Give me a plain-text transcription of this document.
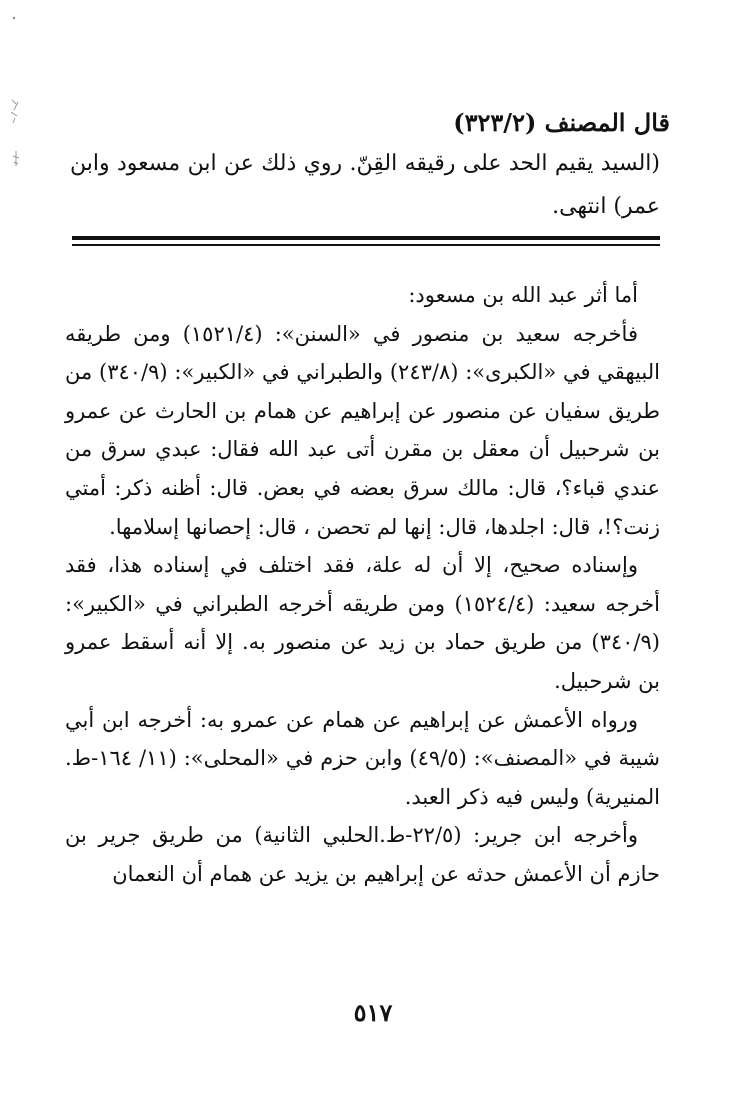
قال المصنف (٣٢٣/٢)
(السيد يقيم الحد على رقيقه القِنّ. روي ذلك عن ابن مسعود وابن عمر) انتهى.

أما أثر عبد الله بن مسعود:

فأخرجه سعيد بن منصور في «السنن»: (١٥٢١/٤) ومن طريقه البيهقي في «الكبرى»: (٢٤٣/٨) والطبراني في «الكبير»: (٣٤٠/٩) من طريق سفيان عن منصور عن إبراهيم عن همام بن الحارث عن عمرو بن شرحبيل أن معقل بن مقرن أتى عبد الله فقال: عبدي سرق من عندي قباء؟، قال: مالك سرق بعضه في بعض. قال: أظنه ذكر: أمتي زنت؟!، قال: اجلدها، قال: إنها لم تحصن ، قال: إحصانها إسلامها.

وإسناده صحيح، إلا أن له علة، فقد اختلف في إسناده هذا، فقد أخرجه سعيد: (١٥٢٤/٤) ومن طريقه أخرجه الطبراني في «الكبير»: (٣٤٠/٩) من طريق حماد بن زيد عن منصور به. إلا أنه أسقط عمرو بن شرحبيل.

ورواه الأعمش عن إبراهيم عن همام عن عمرو به: أخرجه ابن أبي شيبة في «المصنف»: (٤٩/٥) وابن حزم في «المحلى»: (١١/ ١٦٤-ط. المنيرية) وليس فيه ذكر العبد.

وأخرجه ابن جرير: (٢٢/٥-ط.الحلبي الثانية) من طريق جرير بن حازم أن الأعمش حدثه عن إبراهيم بن يزيد عن همام أن النعمان

٥١٧
